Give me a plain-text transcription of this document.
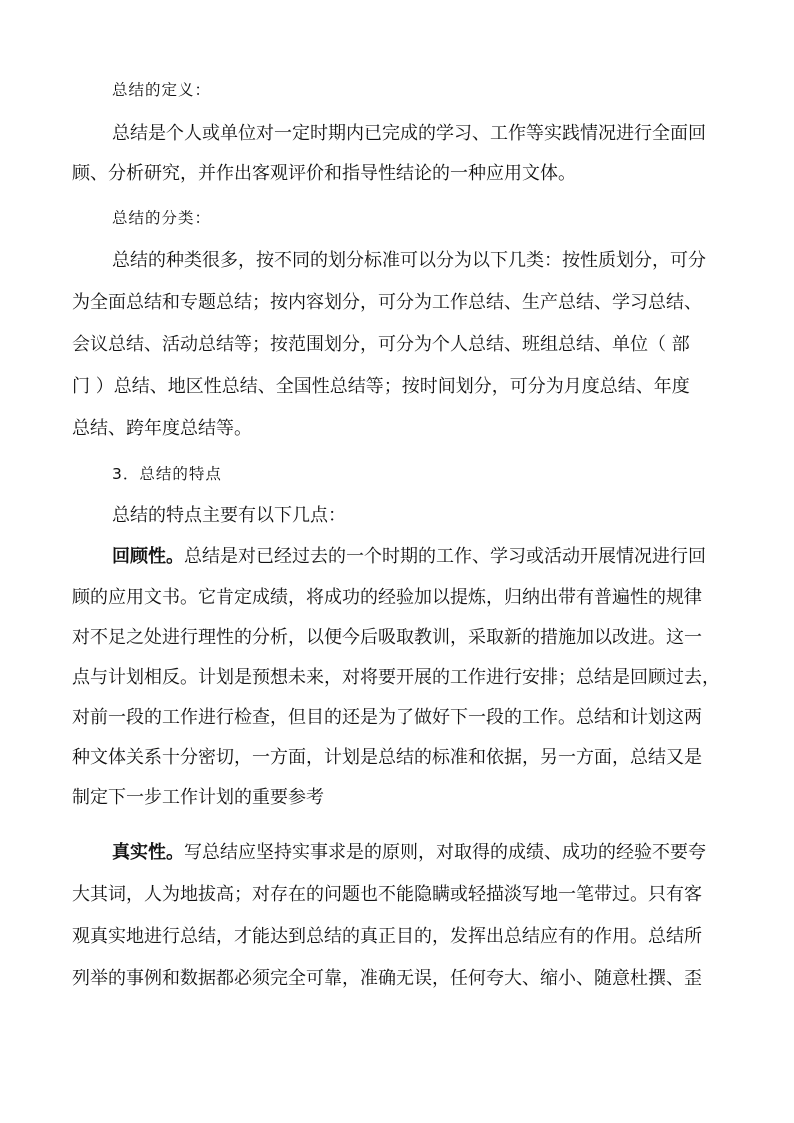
总结的定义：
总结是个人或单位对一定时期内已完成的学习、工作等实践情况进行全面回
顾、分析研究，并作出客观评价和指导性结论的一种应用文体。
总结的分类：
总结的种类很多，按不同的划分标准可以分为以下几类：按性质划分，可分
为全面总结和专题总结；按内容划分，可分为工作总结、生产总结、学习总结、
会议总结、活动总结等；按范围划分，可分为个人总结、班组总结、单位（ 部
门 ）总结、地区性总结、全国性总结等；按时间划分，可分为月度总结、年度
总结、跨年度总结等。
3．总结的特点
总结的特点主要有以下几点：
回顾性。总结是对已经过去的一个时期的工作、学习或活动开展情况进行回
顾的应用文书。它肯定成绩，将成功的经验加以提炼，归纳出带有普遍性的规律
对不足之处进行理性的分析，以便今后吸取教训，采取新的措施加以改进。这一
点与计划相反。计划是预想未来，对将要开展的工作进行安排；总结是回顾过去，
对前一段的工作进行检查，但目的还是为了做好下一段的工作。总结和计划这两
种文体关系十分密切，一方面，计划是总结的标准和依据，另一方面，总结又是
制定下一步工作计划的重要参考
真实性。写总结应坚持实事求是的原则，对取得的成绩、成功的经验不要夸
大其词，人为地拔高；对存在的问题也不能隐瞒或轻描淡写地一笔带过。只有客
观真实地进行总结，才能达到总结的真正目的，发挥出总结应有的作用。总结所
列举的事例和数据都必须完全可靠，准确无误，任何夸大、缩小、随意杜撰、歪
